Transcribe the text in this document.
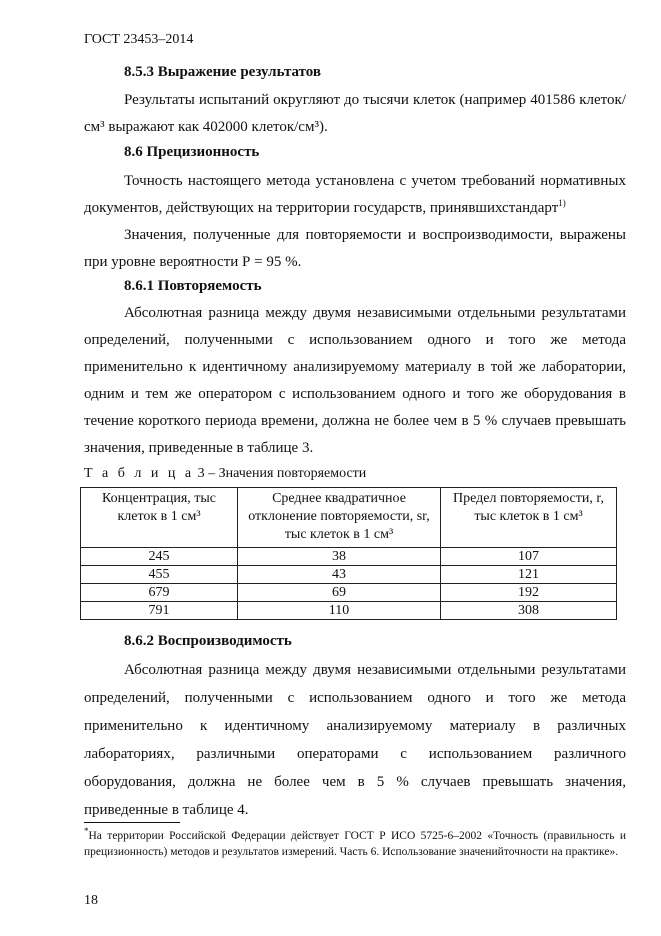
ГОСТ 23453–2014
8.5.3 Выражение результатов
Результаты испытаний округляют до тысячи клеток (например 401586 клеток/см³ выражают как 402000 клеток/см³).
8.6 Прецизионность
Точность настоящего метода установлена с учетом требований нормативных документов, действующих на территории государств, принявшихстандарт$^{1)}$
Значения, полученные для повторяемости и воспроизводимости, выражены при уровне вероятности Р = 95 %.
8.6.1 Повторяемость
Абсолютная разница между двумя независимыми отдельными результатами определений, полученными с использованием одного и того же метода применительно к идентичному анализируемому материалу в той же лаборатории, одним и тем же оператором с использованием одного и того же оборудования в течение короткого периода времени, должна не более чем в 5 % случаев превышать значения, приведенные в таблице 3.
Т а б л и ц а 3 – Значения повторяемости
Концентрация, тыс клеток в 1 см³	Среднее квадратичное отклонение повторяемости, sr, тыс клеток в 1 см³	Предел повторяемости, r, тыс клеток в 1 см³
245	38	107
455	43	121
679	69	192
791	110	308
8.6.2 Воспроизводимость
Абсолютная разница между двумя независимыми отдельными результатами определений, полученными с использованием одного и того же метода применительно к идентичному анализируемому материалу в различных лабораториях, различными операторами с использованием различного оборудования, должна не более чем в 5 % случаев превышать значения, приведенные в таблице 4.
*На территории Российской Федерации действует ГОСТ Р ИСО 5725-6–2002 «Точность (правильность и прецизионность) методов и результатов измерений. Часть 6. Использование значенийточности на практике».
18
